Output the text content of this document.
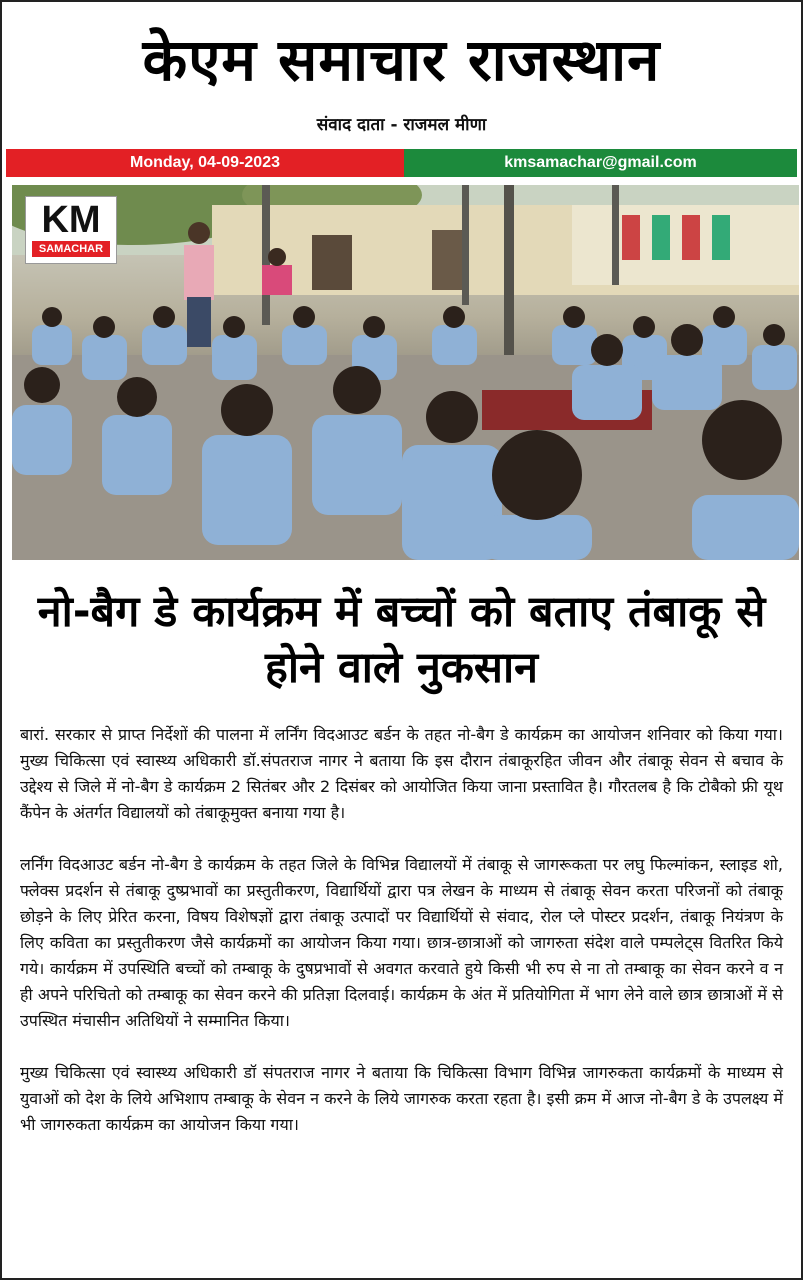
केएम समाचार राजस्थान
संवाद दाता - राजमल मीणा
Monday, 04-09-2023	kmsamachar@gmail.com
KM
SAMACHAR
नो-बैग डे कार्यक्रम में बच्चों को बताए तंबाकू से होने वाले नुकसान

बारां. सरकार से प्राप्त निर्देशों की पालना में लर्निंग विदआउट बर्डन के तहत नो-बैग डे कार्यक्रम का आयोजन शनिवार को किया गया। मुख्य चिकित्सा एवं स्वास्थ्य अधिकारी डॉ.संपतराज नागर ने बताया कि इस दौरान तंबाकूरहित जीवन और तंबाकू सेवन से बचाव के उद्देश्य से जिले में नो-बैग डे कार्यक्रम 2 सितंबर और 2 दिसंबर को आयोजित किया जाना प्रस्तावित है। गौरतलब है कि टोबैको फ्री यूथ कैंपेन के अंतर्गत विद्यालयों को तंबाकूमुक्त बनाया गया है।

लर्निंग विदआउट बर्डन नो-बैग डे कार्यक्रम के तहत जिले के विभिन्न विद्यालयों में तंबाकू से जागरूकता पर लघु फिल्मांकन, स्लाइड शो, फ्लेक्स प्रदर्शन से तंबाकू दुष्प्रभावों का प्रस्तुतीकरण, विद्यार्थियों द्वारा पत्र लेखन के माध्यम से तंबाकू सेवन करता परिजनों को तंबाकू छोड़ने के लिए प्रेरित करना, विषय विशेषज्ञों द्वारा तंबाकू उत्पादों पर विद्यार्थियों से संवाद, रोल प्ले पोस्टर प्रदर्शन, तंबाकू नियंत्रण के लिए कविता का प्रस्तुतीकरण जैसे कार्यक्रमों का आयोजन किया गया। छात्र-छात्राओं को जागरुता संदेश वाले पम्पलेट्स वितरित किये गये। कार्यक्रम में उपस्थिति बच्चों को तम्बाकू के दुषप्रभावों से अवगत करवाते हुये किसी भी रुप से ना तो तम्बाकू का सेवन करने व न ही अपने परिचितो को तम्बाकू का सेवन करने की प्रतिज्ञा दिलवाई। कार्यक्रम के अंत में प्रतियोगिता में भाग लेने वाले छात्र छात्राओं में से उपस्थित मंचासीन अतिथियों ने सम्मानित किया।

मुख्य चिकित्सा एवं स्वास्थ्य अधिकारी डॉ संपतराज नागर ने बताया कि चिकित्सा विभाग विभिन्न जागरुकता कार्यक्रमों के माध्यम से युवाओं को देश के लिये अभिशाप तम्बाकू के सेवन न करने के लिये जागरुक करता रहता है। इसी क्रम में आज नो-बैग डे के उपलक्ष्य में भी जागरुकता कार्यक्रम का आयोजन किया गया।
